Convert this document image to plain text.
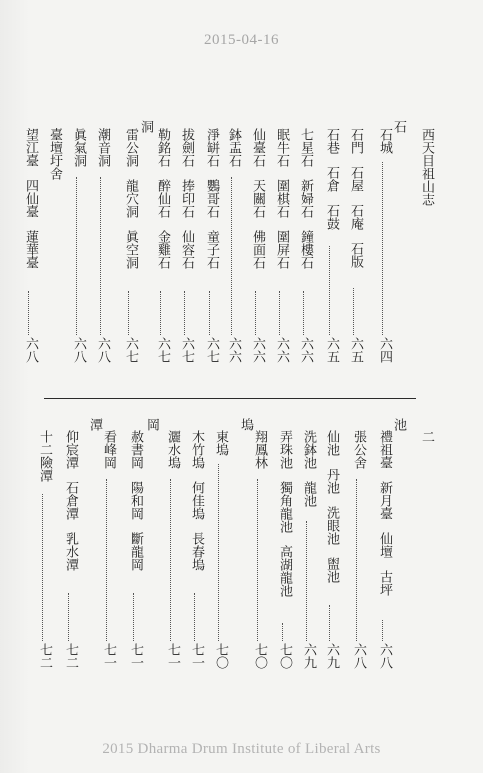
2015-04-16
西天目祖山志
二
石
洞
石城
六四
石門石屋石庵石版
六五
石巷石倉石鼓
六五
七星石新婦石鐘樓石
六六
眠牛石圍棋石圍屏石
六六
仙臺石天關石佛面石
六六
鉢盂石
六六
淨缾石鸚哥石童子石
六七
拔劍石捧印石仙容石
六七
勒銘石醉仙石金雞石
六七
雷公洞龍穴洞眞空洞
六七
潮音洞
六八
眞氣洞
六八
臺壇圩舍
望江臺四仙臺蓮華臺
六八
池
塢
岡
潭
禮祖臺新月臺仙壇古坪
六八
張公舍
六八
仙池丹池洗眼池盥池
六九
洗鉢池龍池
六九
弄珠池獨角龍池高湖龍池
七〇
翔鳳林
七〇
東塢
七〇
木竹塢何佳塢長春塢
七一
灑水塢
七一
赦書岡陽和岡斷龍岡
七一
看峰岡
七一
仰宸潭石倉潭乳水潭
七二
十二險潭
七二
2015 Dharma Drum Institute of Liberal Arts
